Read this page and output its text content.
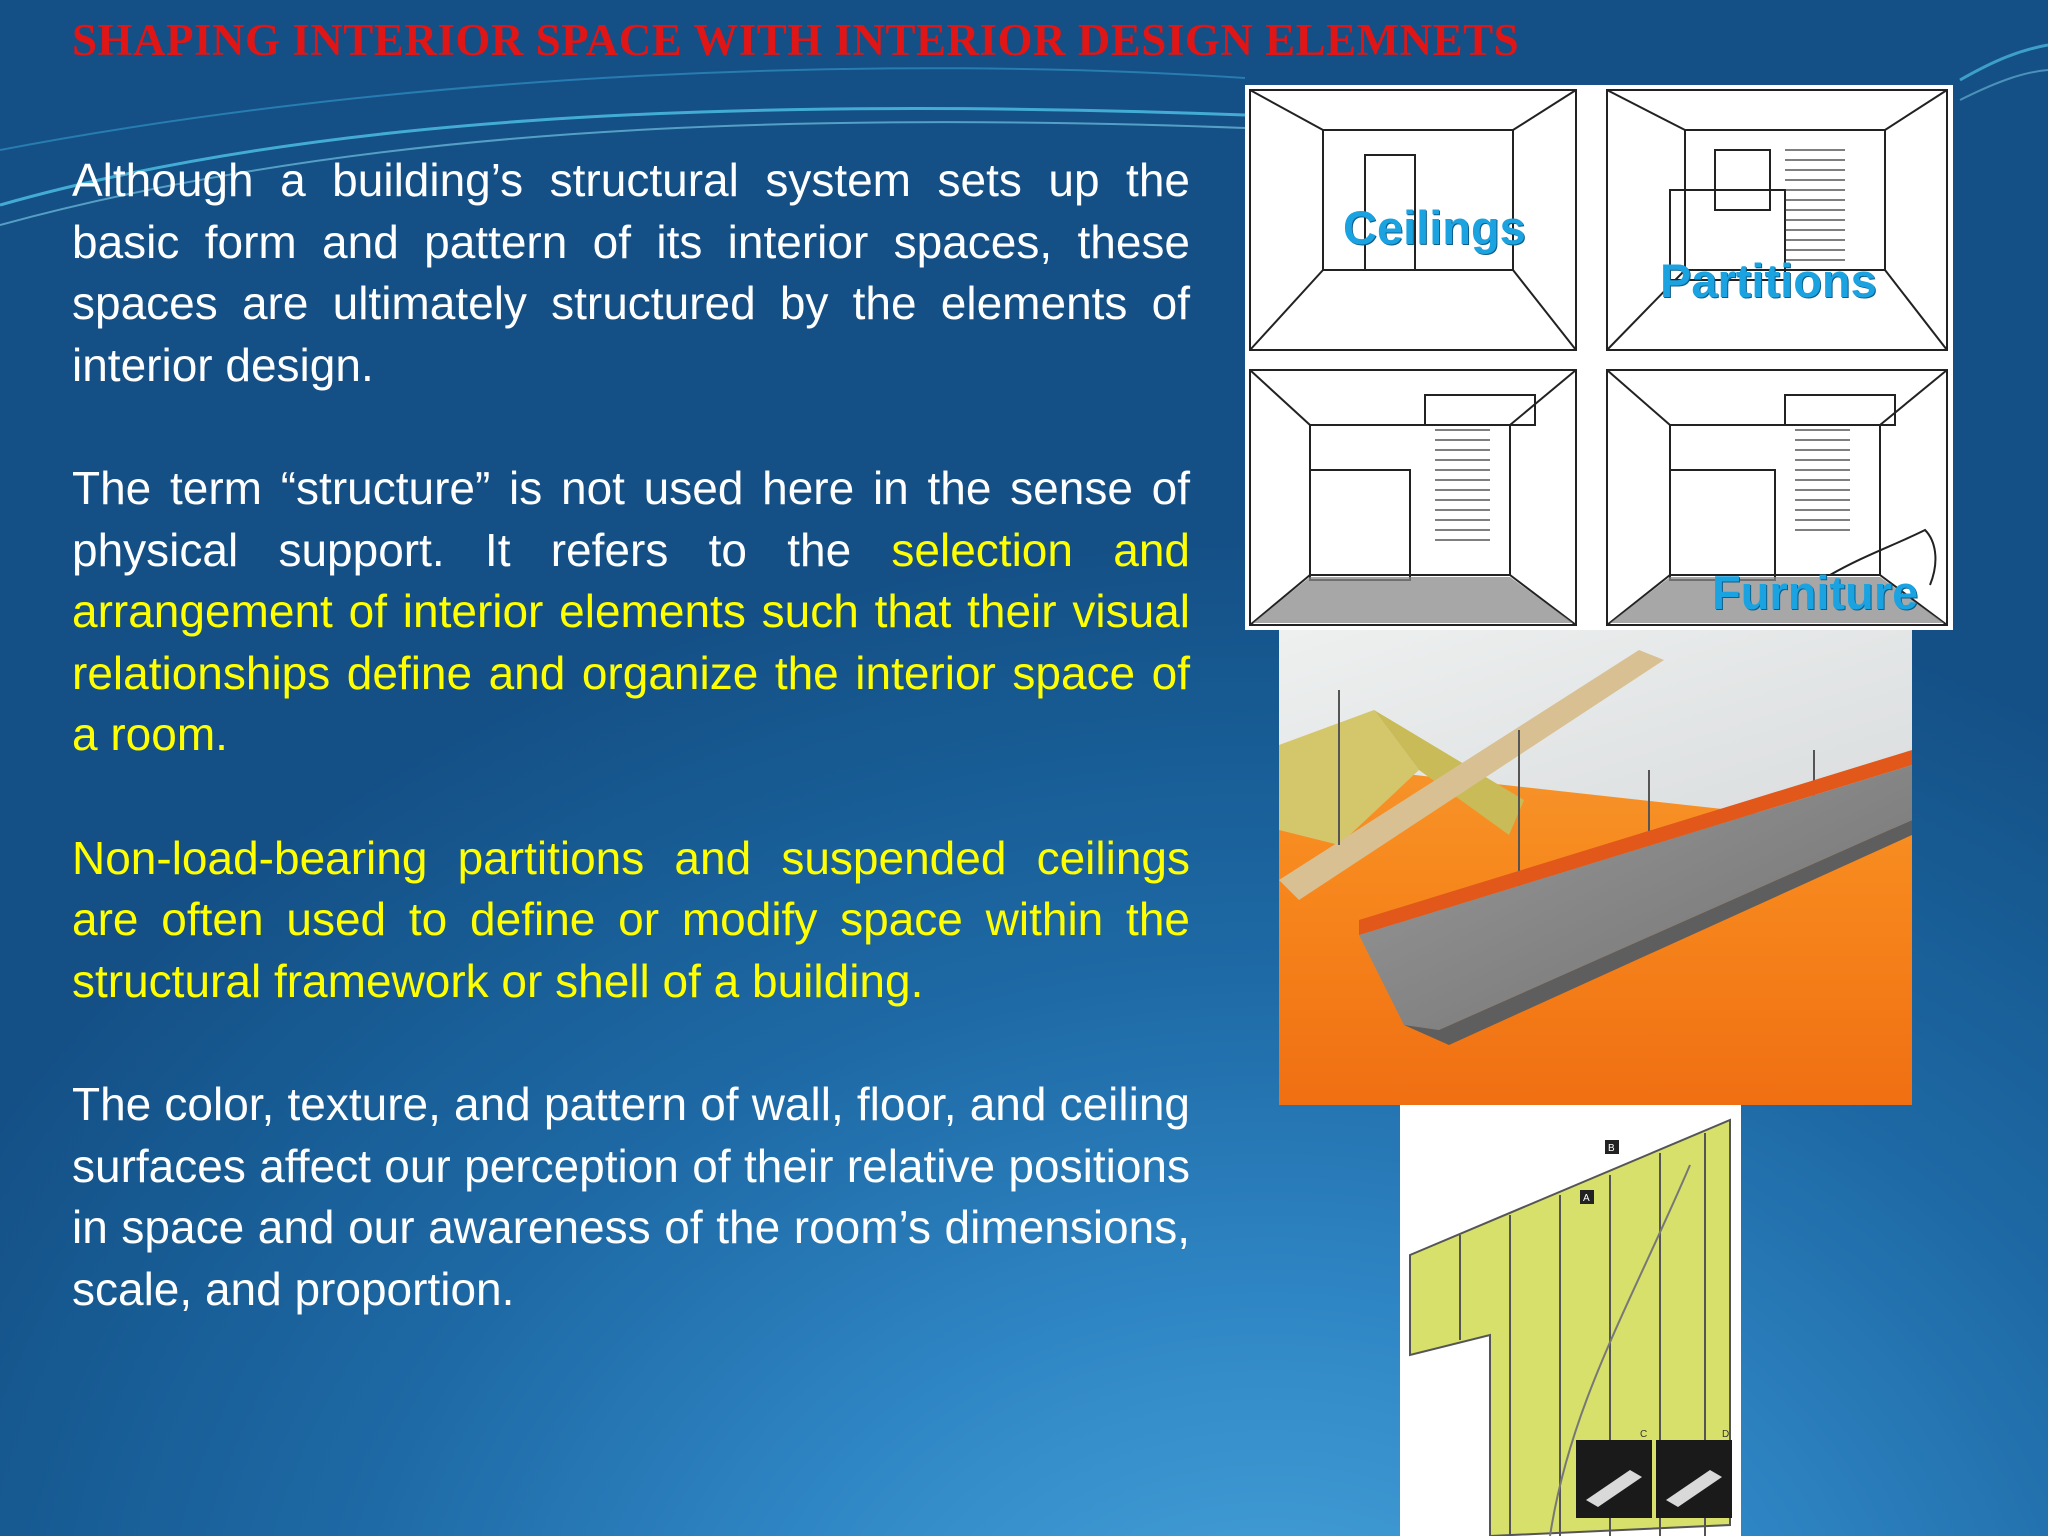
SHAPING INTERIOR SPACE WITH INTERIOR DESIGN ELEMNETS

Although a building’s structural system sets up the basic form and pattern of its interior spaces, these spaces are ultimately structured by the elements of interior design.

The term “structure” is not used here in the sense of physical support. It refers to the selection and arrangement of interior elements such that their visual relationships define and organize the interior space of a room.

Non-load-bearing partitions and suspended ceilings are often used to define or modify space within the structural framework or shell of a building.

The color, texture, and pattern of wall, floor, and ceiling surfaces affect our perception of their relative positions in space and our awareness of the room’s dimensions, scale, and proportion.

Ceilings
Partitions
Furniture
B
A
C	D
